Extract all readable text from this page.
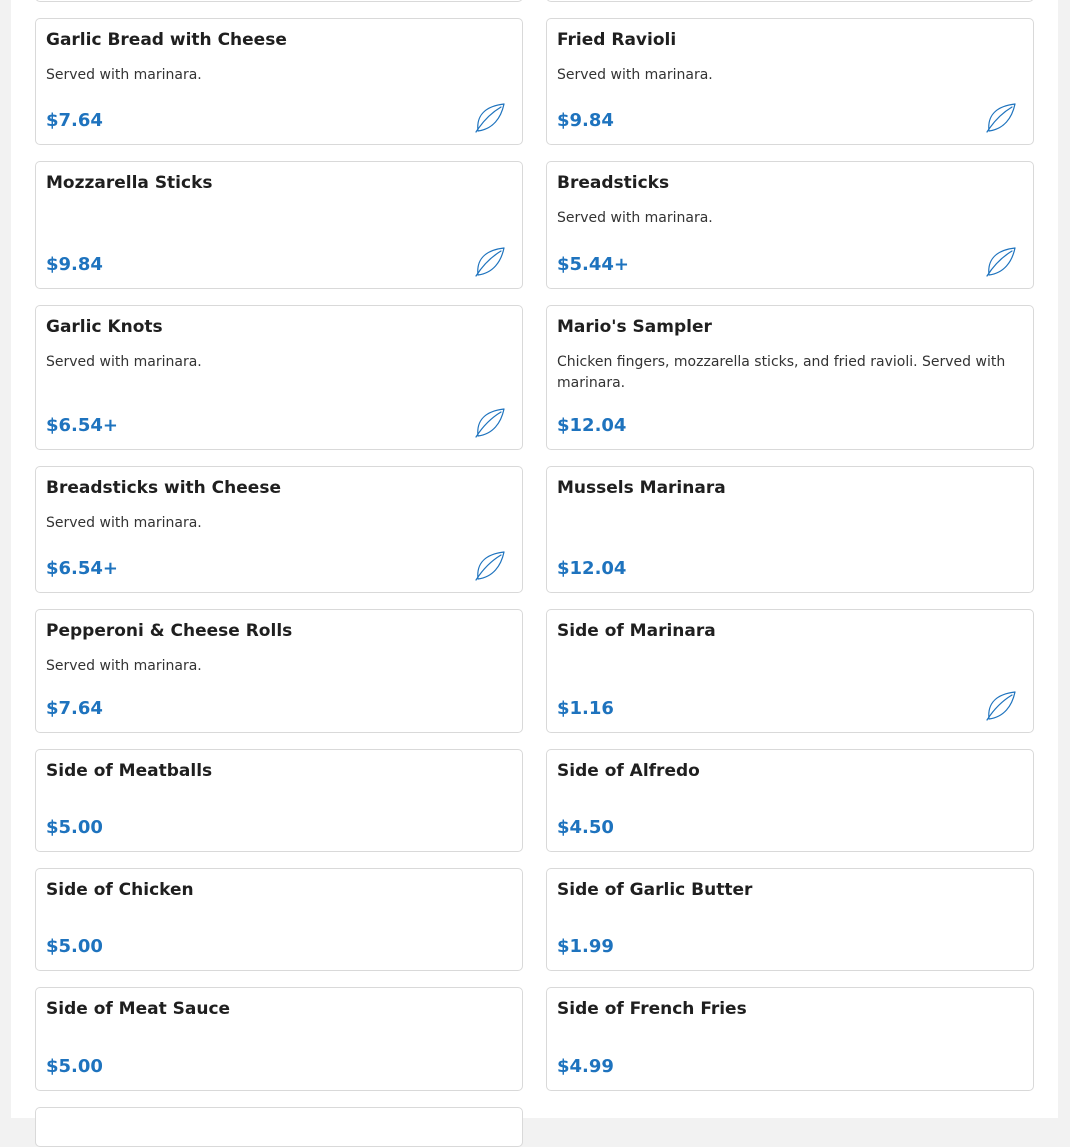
Garlic Bread with Cheese
Served with marinara.
$7.64
Fried Ravioli
Served with marinara.
$9.84
Mozzarella Sticks
$9.84
Breadsticks
Served with marinara.
$5.44+
Garlic Knots
Served with marinara.
$6.54+
Mario's Sampler
Chicken fingers, mozzarella sticks, and fried ravioli. Served with marinara.
$12.04
Breadsticks with Cheese
Served with marinara.
$6.54+
Mussels Marinara
$12.04
Pepperoni & Cheese Rolls
Served with marinara.
$7.64
Side of Marinara
$1.16
Side of Meatballs
$5.00
Side of Alfredo
$4.50
Side of Chicken
$5.00
Side of Garlic Butter
$1.99
Side of Meat Sauce
$5.00
Side of French Fries
$4.99
